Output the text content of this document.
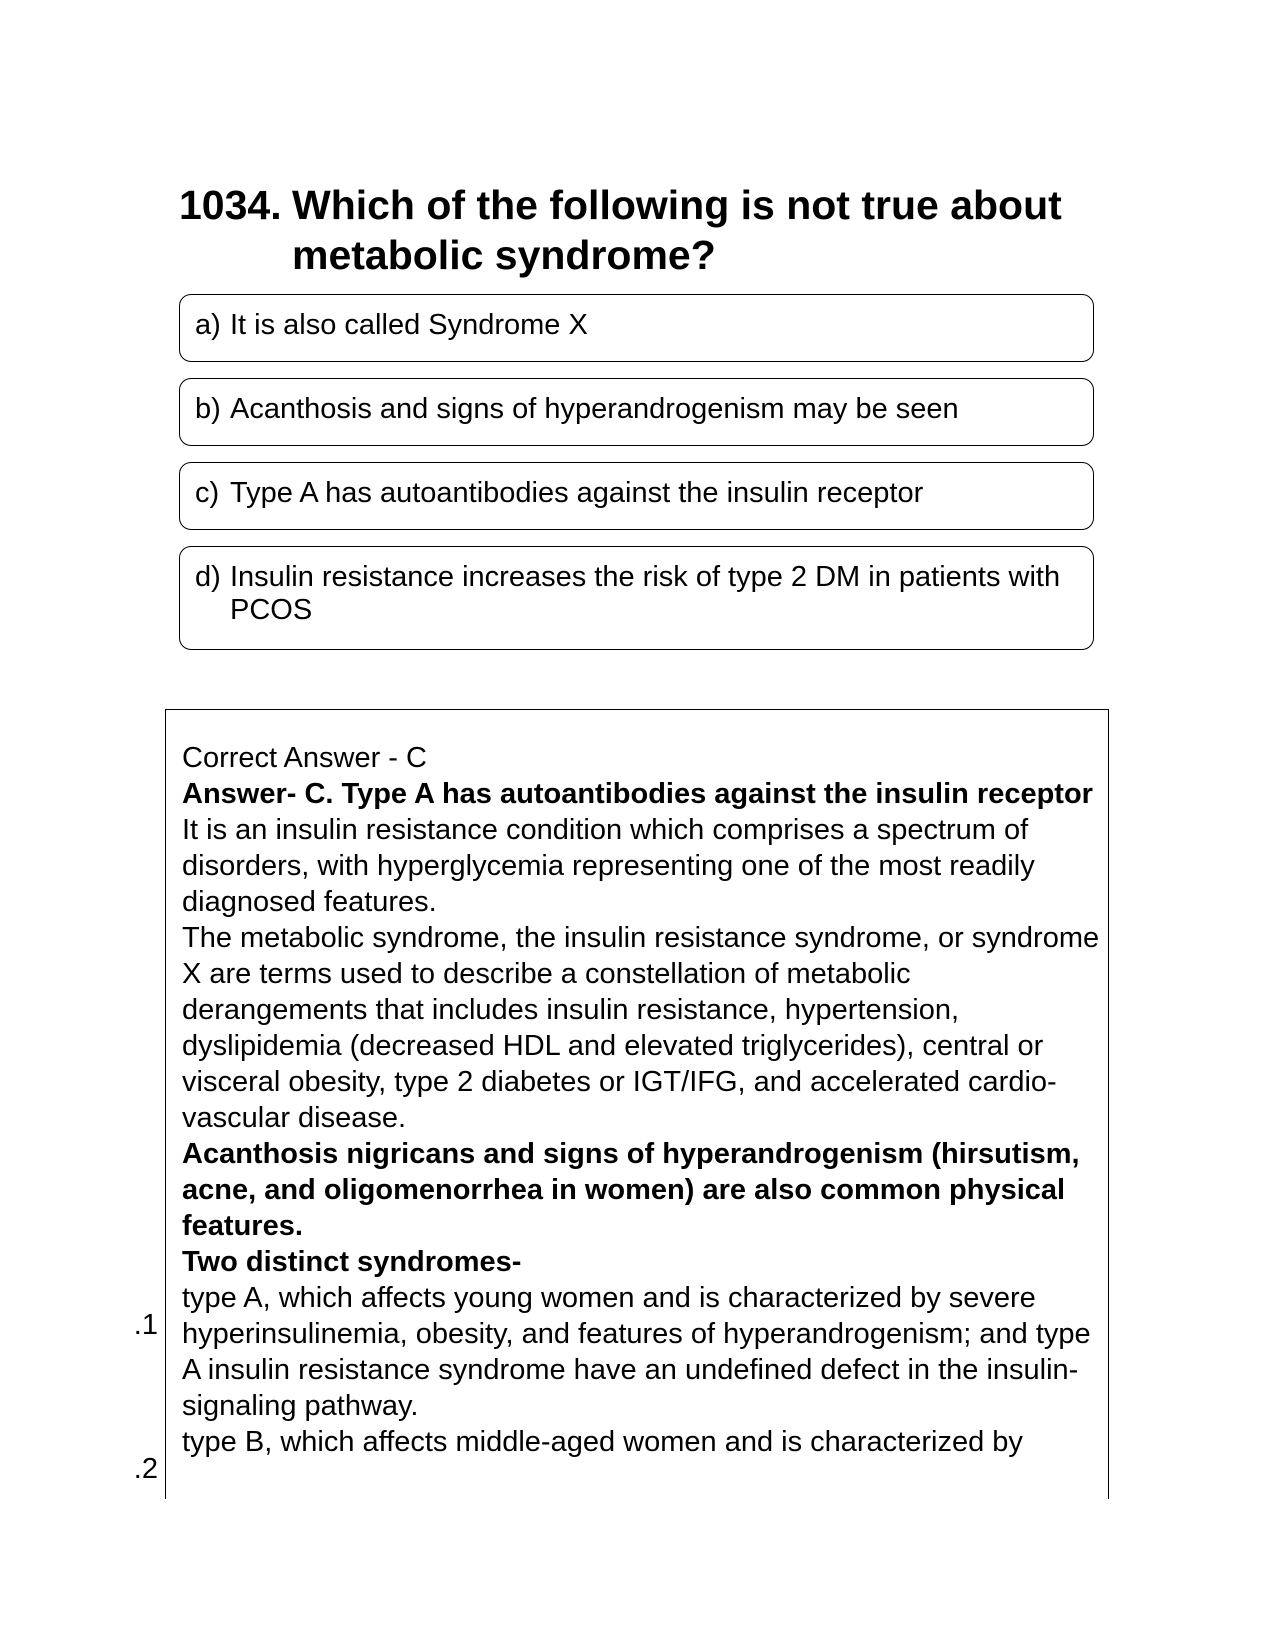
1034. Which of the following is not true about metabolic syndrome?
a) It is also called Syndrome X
b) Acanthosis and signs of hyperandrogenism may be seen
c) Type A has autoantibodies against the insulin receptor
d) Insulin resistance increases the risk of type 2 DM in patients with PCOS
1.
2.

Correct Answer - C

Answer- C. Type A has autoantibodies against the insulin receptor

It is an insulin resistance condition which comprises a spectrum of disorders, with hyperglycemia representing one of the most readily diagnosed features.

The metabolic syndrome, the insulin resistance syndrome, or syndrome X are terms used to describe a constellation of metabolic derangements that includes insulin resistance, hypertension, dyslipidemia (decreased HDL and elevated triglycerides), central or visceral obesity, type 2 diabetes or IGT/IFG, and accelerated cardio-vascular disease.

Acanthosis nigricans and signs of hyperandrogenism (hirsutism, acne, and oligomenorrhea in women) are also common physical features.

Two distinct syndromes-

type A, which affects young women and is characterized by severe hyperinsulinemia, obesity, and features of hyperandrogenism; and type A insulin resistance syndrome have an undefined defect in the insulin-signaling pathway.

type B, which affects middle-aged women and is characterized by
